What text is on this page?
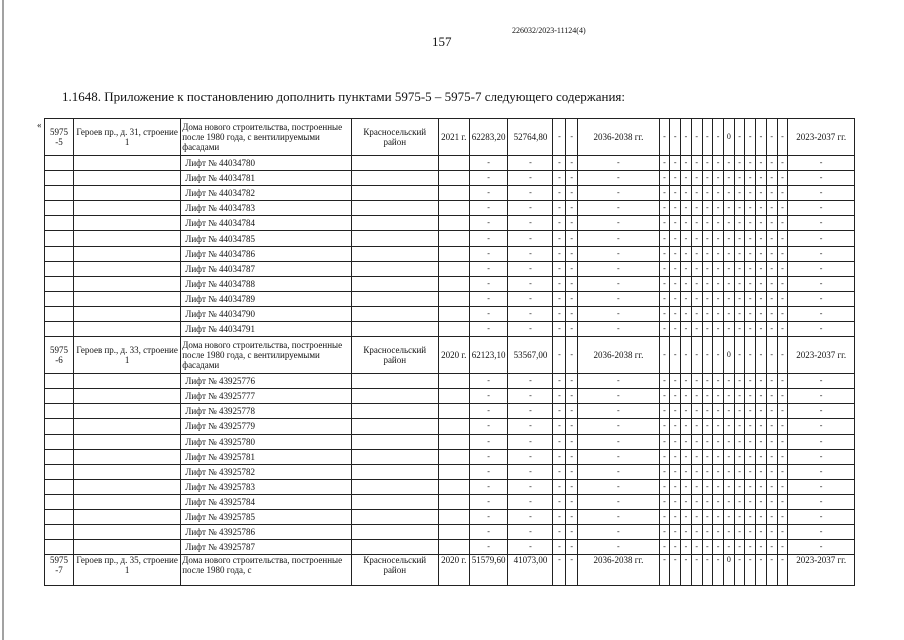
226032/2023-11124(4)
157
1.1648. Приложение к постановлению дополнить пунктами 5975-5 – 5975-7 следующего содержания:
«
5975 -5	Героев пр., д. 31, строение 1	Дома нового строительства, построенные после 1980 года, с вентилируемыми фасадами	Красносельский район	2021 г.	62283,20	52764,80	-	-	2036-2038 гг.	-	-	-	-	-	-	0	-	-	-	-	-	2023-2037 гг.
		Лифт № 44034780			-	-	-	-	-	-	-	-	-	-	-	-	-	-	-	-	-	-
		Лифт № 44034781			-	-	-	-	-	-	-	-	-	-	-	-	-	-	-	-	-	-
		Лифт № 44034782			-	-	-	-	-	-	-	-	-	-	-	-	-	-	-	-	-	-
		Лифт № 44034783			-	-	-	-	-	-	-	-	-	-	-	-	-	-	-	-	-	-
		Лифт № 44034784			-	-	-	-	-	-	-	-	-	-	-	-	-	-	-	-	-	-
		Лифт № 44034785			-	-	-	-	-	-	-	-	-	-	-	-	-	-	-	-	-	-
		Лифт № 44034786			-	-	-	-	-	-	-	-	-	-	-	-	-	-	-	-	-	-
		Лифт № 44034787			-	-	-	-	-	-	-	-	-	-	-	-	-	-	-	-	-	-
		Лифт № 44034788			-	-	-	-	-	-	-	-	-	-	-	-	-	-	-	-	-	-
		Лифт № 44034789			-	-	-	-	-	-	-	-	-	-	-	-	-	-	-	-	-	-
		Лифт № 44034790			-	-	-	-	-	-	-	-	-	-	-	-	-	-	-	-	-	-
		Лифт № 44034791			-	-	-	-	-	-	-	-	-	-	-	-	-	-	-	-	-	-
5975 -6	Героев пр., д. 33, строение 1	Дома нового строительства, построенные после 1980 года, с вентилируемыми фасадами	Красносельский район	2020 г.	62123,10	53567,00	-	-	2036-2038 гг.	-	-	-	-	-	-	0	-	-	-	-	-	2023-2037 гг.
		Лифт № 43925776			-	-	-	-	-	-	-	-	-	-	-	-	-	-	-	-	-	-
		Лифт № 43925777			-	-	-	-	-	-	-	-	-	-	-	-	-	-	-	-	-	-
		Лифт № 43925778			-	-	-	-	-	-	-	-	-	-	-	-	-	-	-	-	-	-
		Лифт № 43925779			-	-	-	-	-	-	-	-	-	-	-	-	-	-	-	-	-	-
		Лифт № 43925780			-	-	-	-	-	-	-	-	-	-	-	-	-	-	-	-	-	-
		Лифт № 43925781			-	-	-	-	-	-	-	-	-	-	-	-	-	-	-	-	-	-
		Лифт № 43925782			-	-	-	-	-	-	-	-	-	-	-	-	-	-	-	-	-	-
		Лифт № 43925783			-	-	-	-	-	-	-	-	-	-	-	-	-	-	-	-	-	-
		Лифт № 43925784			-	-	-	-	-	-	-	-	-	-	-	-	-	-	-	-	-	-
		Лифт № 43925785			-	-	-	-	-	-	-	-	-	-	-	-	-	-	-	-	-	-
		Лифт № 43925786			-	-	-	-	-	-	-	-	-	-	-	-	-	-	-	-	-	-
		Лифт № 43925787			-	-	-	-	-	-	-	-	-	-	-	-	-	-	-	-	-	-
5975 -7	Героев пр., д. 35, строение 1	Дома нового строительства, построенные после 1980 года, с	Красносельский район	2020 г.	51579,60	41073,00	-	-	2036-2038 гг.	-	-	-	-	-	-	0	-	-	-	-	-	2023-2037 гг.
